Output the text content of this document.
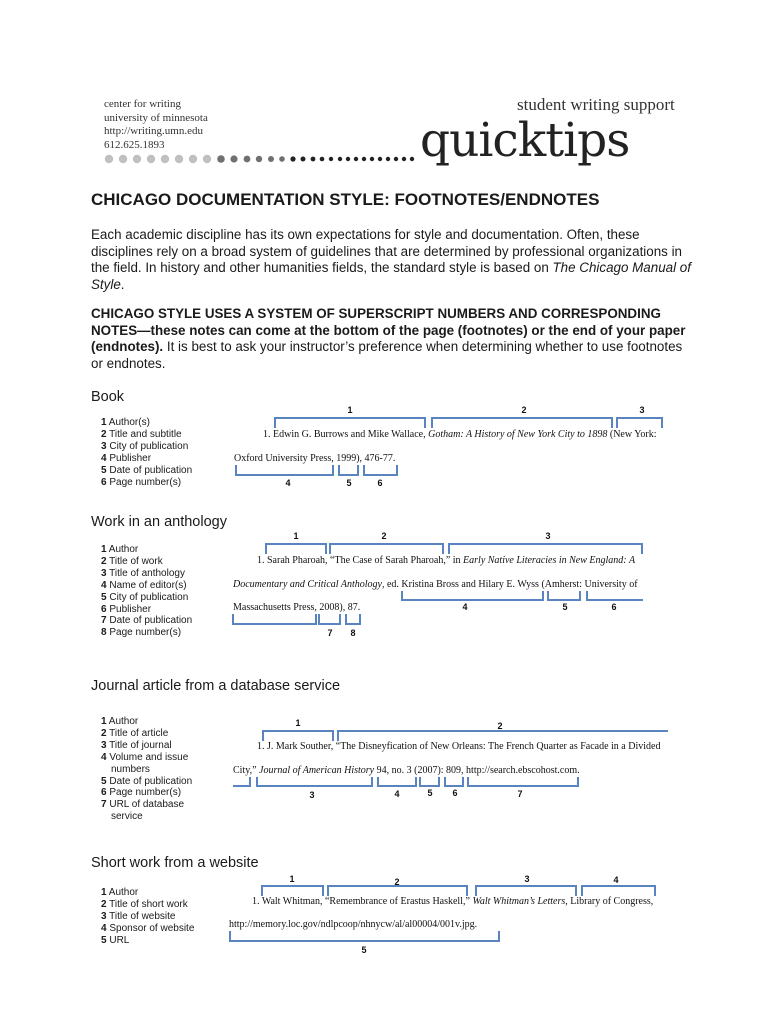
center for writing
university of minnesota
http://writing.umn.edu
612.625.1893
student writing support
quicktips
CHICAGO DOCUMENTATION STYLE: FOOTNOTES/ENDNOTES
Each academic discipline has its own expectations for style and documentation. Often, these disciplines rely on a broad system of guidelines that are determined by professional organizations in the field. In history and other humanities fields, the standard style is based on The Chicago Manual of Style.
CHICAGO STYLE USES A SYSTEM OF SUPERSCRIPT NUMBERS AND CORRESPONDING NOTES—these notes can come at the bottom of the page (footnotes) or the end of your paper (endnotes). It is best to ask your instructor’s preference when determining whether to use footnotes or endnotes.
Book
1 Author(s)
2 Title and subtitle
3 City of publication
4 Publisher
5 Date of publication
6 Page number(s)
1. Edwin G. Burrows and Mike Wallace, Gotham: A History of New York City to 1898 (New York:
Oxford University Press, 1999), 476-77.
Work in an anthology
1 Author
2 Title of work
3 Title of anthology
4 Name of editor(s)
5 City of publication
6 Publisher
7 Date of publication
8 Page number(s)
1. Sarah Pharoah, “The Case of Sarah Pharoah,” in Early Native Literacies in New England: A
Documentary and Critical Anthology, ed. Kristina Bross and Hilary E. Wyss (Amherst: University of
Massachusetts Press, 2008), 87.
Journal article from a database service
1 Author
2 Title of article
3 Title of journal
4 Volume and issue
numbers
5 Date of publication
6 Page number(s)
7 URL of database
service
1. J. Mark Souther, “The Disneyfication of New Orleans: The French Quarter as Facade in a Divided
City,” Journal of American History 94, no. 3 (2007): 809, http://search.ebscohost.com.
Short work from a website
1 Author
2 Title of short work
3 Title of website
4 Sponsor of website
5 URL
1. Walt Whitman, “Remembrance of Erastus Haskell,” Walt Whitman’s Letters, Library of Congress,
http://memory.loc.gov/ndlpcoop/nhnycw/al/al00004/001v.jpg.
1	2	3
4	5	6
1	2	3
4	5	6
7 8
1	2
3	4	5 6	7
1	2	3	4
5
